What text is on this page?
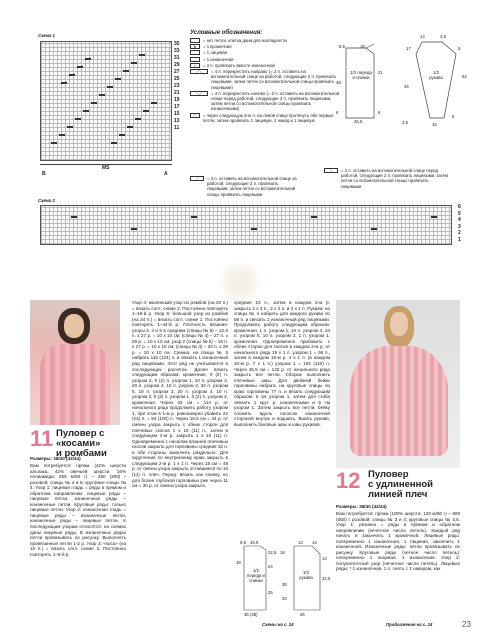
Схема 1
35
33
31
29
27
25
23
21
19
17
15
13
11
B
MS
A
Условные обозначения:
= нет петли, клетка дана для наглядности
●	= 1 кромочная
= 1 лицевая
–	= 1 изнаночная
∩	= 2 п. провязать вместе изнаночной
⟋⟍	= 4 п. перекрестить направо (= 2 п. оставить на вспомогательной спице за работой, следующие 2 п. провязать лицевыми, затем петли со вспомогательной спицы провязать лицевыми)
⟍⟋	= 4 п. перекрестить налево (= 2 п. оставить на вспомогательной спице перед работой, следующие 2 п. провязать лицевыми, затем петли со вспомогательной спицы провязать изнаночными)
◠	= через следующую 3-ю п. на левой спице протянуть обе первые петли, затем провязать 1 лицевую, 1 накид и 1 лицевую
⟋	= 2 п. оставить на вспомогательной спице за работой, следующие 2 п. провязать лицевыми, затем петли со вспомогательной спицы провязать лицевыми
⟍	= 2 п. оставить на вспомогательной спице перед работой, следующие 2 п. провязать лицевыми, затем петли со вспомогательной спицы провязать лицевыми
8,5	18
1/2 переда и спинки
49
21
6
26,5
6
14	3,5
17	5
1/2 рукава	62
45
6
3,5	16
Схема 2
6
5
4
3
2
1
11 Пуловер с «косами»
и ромбами
Размеры: 38/40 (42/44)
Вам потребуется: пряжа (42% шерсти альпака, 42% овечьей шерсти, 16% полиамида; 250 м/50 г) – 250 (300) г розовой; спицы № 4 и 5; круговые спицы № 4. Узор 1: лицевая гладь = ряды в прямом и обратном направлении: лицевые ряды – лицевые петли, изнаночные ряды – изнаночные петли. Круговые ряды: только лицевые петли. Узор 2: изнаночная гладь = лицевые ряды – изнаночные петли, изнаночные ряды – лицевые петли. К последующим узорам относятся: на схемах даны лицевые ряды. В изнаночных рядах петли провязывать по рисунку. Выполнять провязанные петли 1-2 р. Узор 3: «коса» (на 10 п.) = вязать согл. схеме 2. Постоянно повторять 1–8-й р.
Узор 4: маленький узор из ромбов (на 20 п.) = вязать согл. схеме 2. Постоянно повторять 1–18-й р. Узор 5: большой узор из ромбов (на 34 п.) = вязать согл. схеме 1. Постоянно повторять 1–44-й р. Плотность вязания: узоры 3, 4 и 5 в среднем (спицы № 5) – 22,5 п. x 27 р. = 10 x 10 см; (спицы № 4) – 27 п. x 29 р. = 10 x 10 см; узор 2 (спицы № 5) – 18 п. x 27 р. = 10 x 10 см; (спицы № 4) – 20 п. x 29 р. = 10 x 10 см. Спинка: на спицы № 5 набрать 116 (124) п. и связать 1 изнаночный ряд лицевыми. Этот ряд не учитывается в последующих расчетах. Далее вязать следующим образом: кромочная, 0 (2) п. узором 2, 0 (2) п. узором 1, 10 п. узором 3, 20 п. узором 4, 10 п. узором 3, 34 п. узором 5, 10 п. узором 3, 20 п. узором 4, 10 п. узором 3, 0 (2) п. узором 1, 0 (2) п. узором 2, кромочная. Через 42 см = 114 р. от начального ряда продолжить работу узором 1, при этом в 1-м р. равномерно убавить 22 (24) п. = 94 (100) п. Через 16,5 см = 44 р. от смены узора закрыть с обеих сторон для плечевых скосов 1 x 10 (11) п., затем в следующем 2-м р. закрыть 1 x 10 (11) п. Одновременно с началом вязания плечевых скосов закрыть для горловины средние 32 п. и обе стороны закончить раздельно. Для скругления по внутреннему краю закрыть в следующем 2-м р. 1 x 1 п. Через 18 см = 48 р. от смены узора закрыть оставшиеся по 10 (11) п. плеч. Перед: вязать как спинку, но для более глубокой горловины уже через 11 см = 30 р. от смены узора закрыть
средние 10 п., затем в каждом 2-м р. закрыть 2 x 3 п., 2 x 2 п. и 2 x 1 п. Рукава: на спицы № 4 набрать для каждого рукава по 58 п. и связать 1 изнаночный ряд лицевыми. Продолжить работу следующим образом: кромочная, 1 п. узором 1, 10 п. узором 3, 34 п. узором 5, 10 п. узором 3, 1 п. узором 1, кромочная. Одновременно прибавить с обеих сторон для скосов в каждом 2-м р. от начального ряда 19 x 1 п. узором 1 = 96 п., затем в каждом 16-м р. 4 x 1 п. (в каждом 10-м р. 7 x 1 п.) узором 1 = 104 (110) п. Через 45,5 см = 132 р. от начального ряда закрыть все петли. Сборка: выполнить плечевые швы. Для двойной бейки горловины набрать на круговые спицы по краю горловины 77 п. и вязать следующим образом: 5 см узором 1, затем для сгиба связать 1 круг. р. изнаночными и 5 см узором 1. Затем закрыть все петли, бейку сложить вдоль полосок изнаночной стороной внутрь и подшить. Вшить рукава, выполнить боковые швы и швы рукавов.
9,5 16,5
18
1/2 переда и спинки
22,5
24
25
36 (38)
18
13 14
1/2 рукава	32,5
30
14
33
26
Схемы на с. 24
12 Пуловер
с удлиненной
линией плеч
Размеры: 38/40 (42/44)
Вам потребуется: пряжа (100% шерсти; 120 м/50 г) – 800 (850) г розовой; спицы № 3 и 4; круговые спицы № 3,5. Узор 1: резинка = ряды в прямом и обратном направлении (нечетное число петель). Каждый ряд начать и закончить 1 кромочной. Лицевые ряды: попеременно 1 изнаночная, 1 лицевая, закончить 1 изнаночной. Изнаночные ряды: петли провязывать по рисунку. Круговые ряды (четное число петель): попеременно 1 лицевая, 1 изнаночная. Узор 2: полупатентный узор (нечетное число петель). Лицевые ряды: * 1 изнаночная, 1 п. снять с 1 накидом, как
Продолжение на с. 24	23
